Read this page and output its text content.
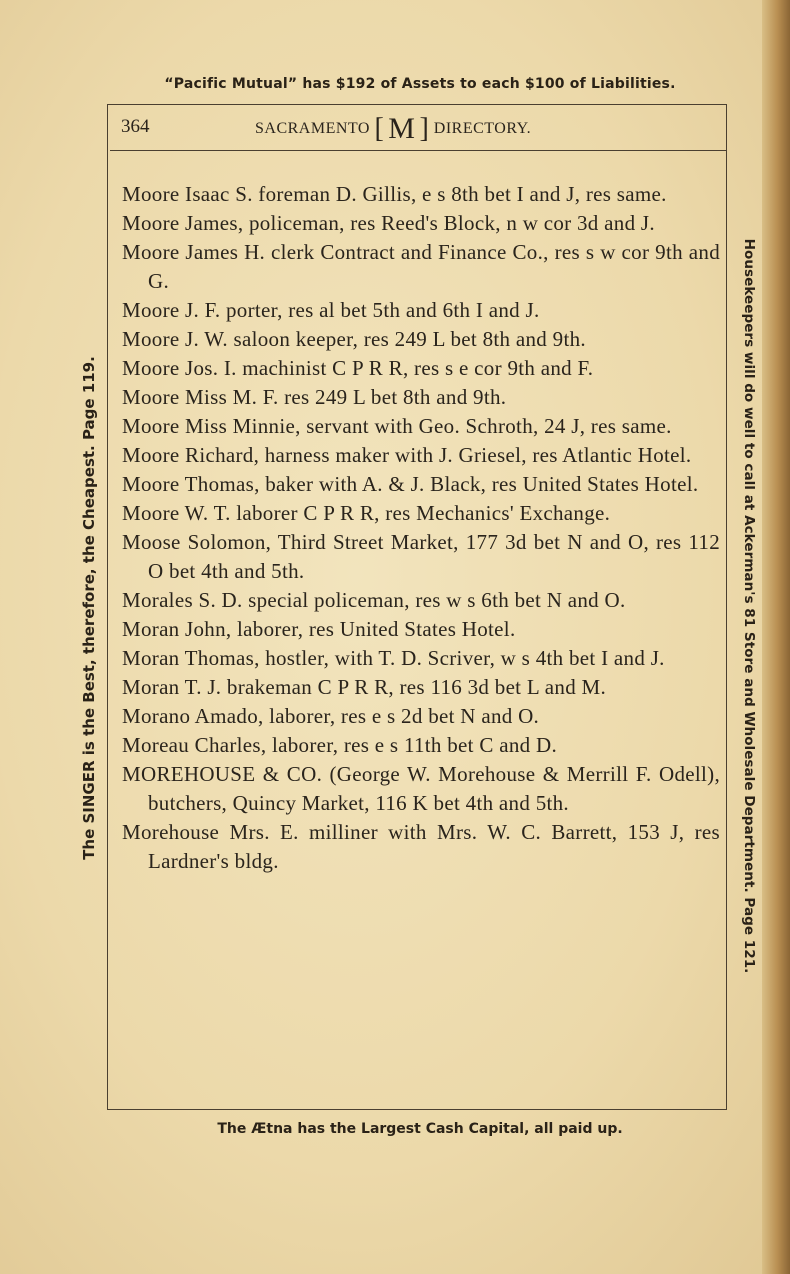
“Pacific Mutual” has $192 of Assets to each $100 of Liabilities.
364	SACRAMENTO [ M ] DIRECTORY.
Moore Isaac S. foreman D. Gillis, e s 8th bet I and J, res same.
Moore James, policeman, res Reed's Block, n w cor 3d and J.
Moore James H. clerk Contract and Finance Co., res s w cor 9th and G.
Moore J. F. porter, res al bet 5th and 6th I and J.
Moore J. W. saloon keeper, res 249 L bet 8th and 9th.
Moore Jos. I. machinist C P R R, res s e cor 9th and F.
Moore Miss M. F. res 249 L bet 8th and 9th.
Moore Miss Minnie, servant with Geo. Schroth, 24 J, res same.
Moore Richard, harness maker with J. Griesel, res Atlantic Hotel.
Moore Thomas, baker with A. & J. Black, res United States Hotel.
Moore W. T. laborer C P R R, res Mechanics' Exchange.
Moose Solomon, Third Street Market, 177 3d bet N and O, res 112 O bet 4th and 5th.
Morales S. D. special policeman, res w s 6th bet N and O.
Moran John, laborer, res United States Hotel.
Moran Thomas, hostler, with T. D. Scriver, w s 4th bet I and J.
Moran T. J. brakeman C P R R, res 116 3d bet L and M.
Morano Amado, laborer, res e s 2d bet N and O.
Moreau Charles, laborer, res e s 11th bet C and D.
MOREHOUSE & CO. (George W. Morehouse & Merrill F. Odell), butchers, Quincy Market, 116 K bet 4th and 5th.
Morehouse Mrs. E. milliner with Mrs. W. C. Barrett, 153 J, res Lardner's bldg.
The Ætna has the Largest Cash Capital, all paid up.
The SINGER is the Best, therefore, the Cheapest. Page 119.	Housekeepers will do well to call at Ackerman's 81 Store and Wholesale Department. Page 121.
